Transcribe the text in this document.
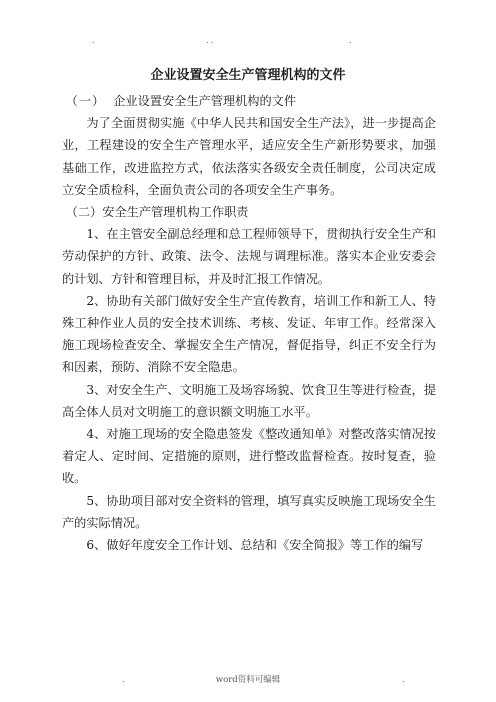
.	..	.
企业设置安全生产管理机构的文件

（一） 企业设置安全生产管理机构的文件

为了全面贯彻实施《中华人民共和国安全生产法》，进一步提高企业，工程建设的安全生产管理水平，适应安全生产新形势要求，加强基础工作，改进监控方式，依法落实各级安全责任制度，公司决定成立安全质检科，全面负责公司的各项安全生产事务。

（二）安全生产管理机构工作职责

1、在主管安全副总经理和总工程师领导下，贯彻执行安全生产和劳动保护的方针、政策、法令、法规与调理标准。落实本企业安委会的计划、方针和管理目标，并及时汇报工作情况。

2、协助有关部门做好安全生产宣传教育，培训工作和新工人、特殊工种作业人员的安全技术训练、考核、发证、年审工作。经常深入施工现场检查安全、掌握安全生产情况，督促指导，纠正不安全行为和因素，预防、消除不安全隐患。

3、对安全生产、文明施工及场容场貌、饮食卫生等进行检查，提高全体人员对文明施工的意识额文明施工水平。

4、对施工现场的安全隐患签发《整改通知单》对整改落实情况按着定人、定时间、定措施的原则，进行整改监督检查。按时复查，验收。

5、协助项目部对安全资料的管理，填写真实反映施工现场安全生产的实际情况。

6、做好年度安全工作计划、总结和《安全简报》等工作的编写

.	word资料可编辑	.
